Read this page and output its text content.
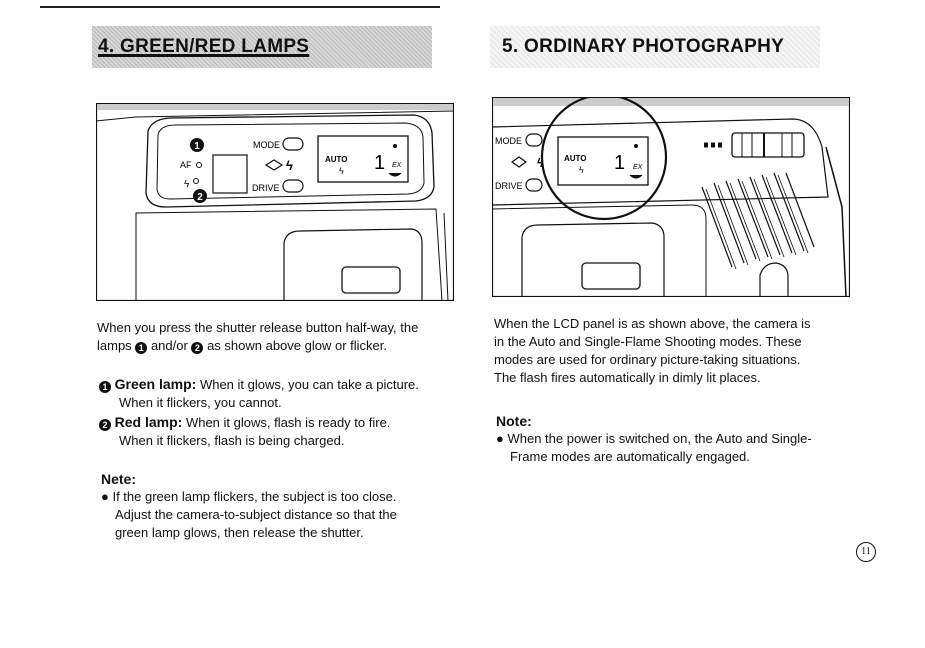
4. GREEN/RED LAMPS	5. ORDINARY PHOTOGRAPHY
1
2
AF
ϟ
MODE
ϟ
DRIVE
AUTO
ϟ 1 EX
MODE
ϟ
DRIVE
AUTO
ϟ 1 EX
When you press the shutter release button half-way, the
lamps 1 and/or 2 as shown above glow or flicker.
1 Green lamp: When it glows, you can take a picture.
When it flickers, you cannot.
2 Red lamp: When it glows, flash is ready to fire.
When it flickers, flash is being charged.
Nete:
● If the green lamp flickers, the subject is too close.
Adjust the camera-to-subject distance so that the
green lamp glows, then release the shutter.
When the LCD panel is as shown above, the camera is
in the Auto and Single-Flame Shooting modes. These
modes are used for ordinary picture-taking situations.
The flash fires automatically in dimly lit places.
Note:
● When the power is switched on, the Auto and Single-
Frame modes are automatically engaged.
11
